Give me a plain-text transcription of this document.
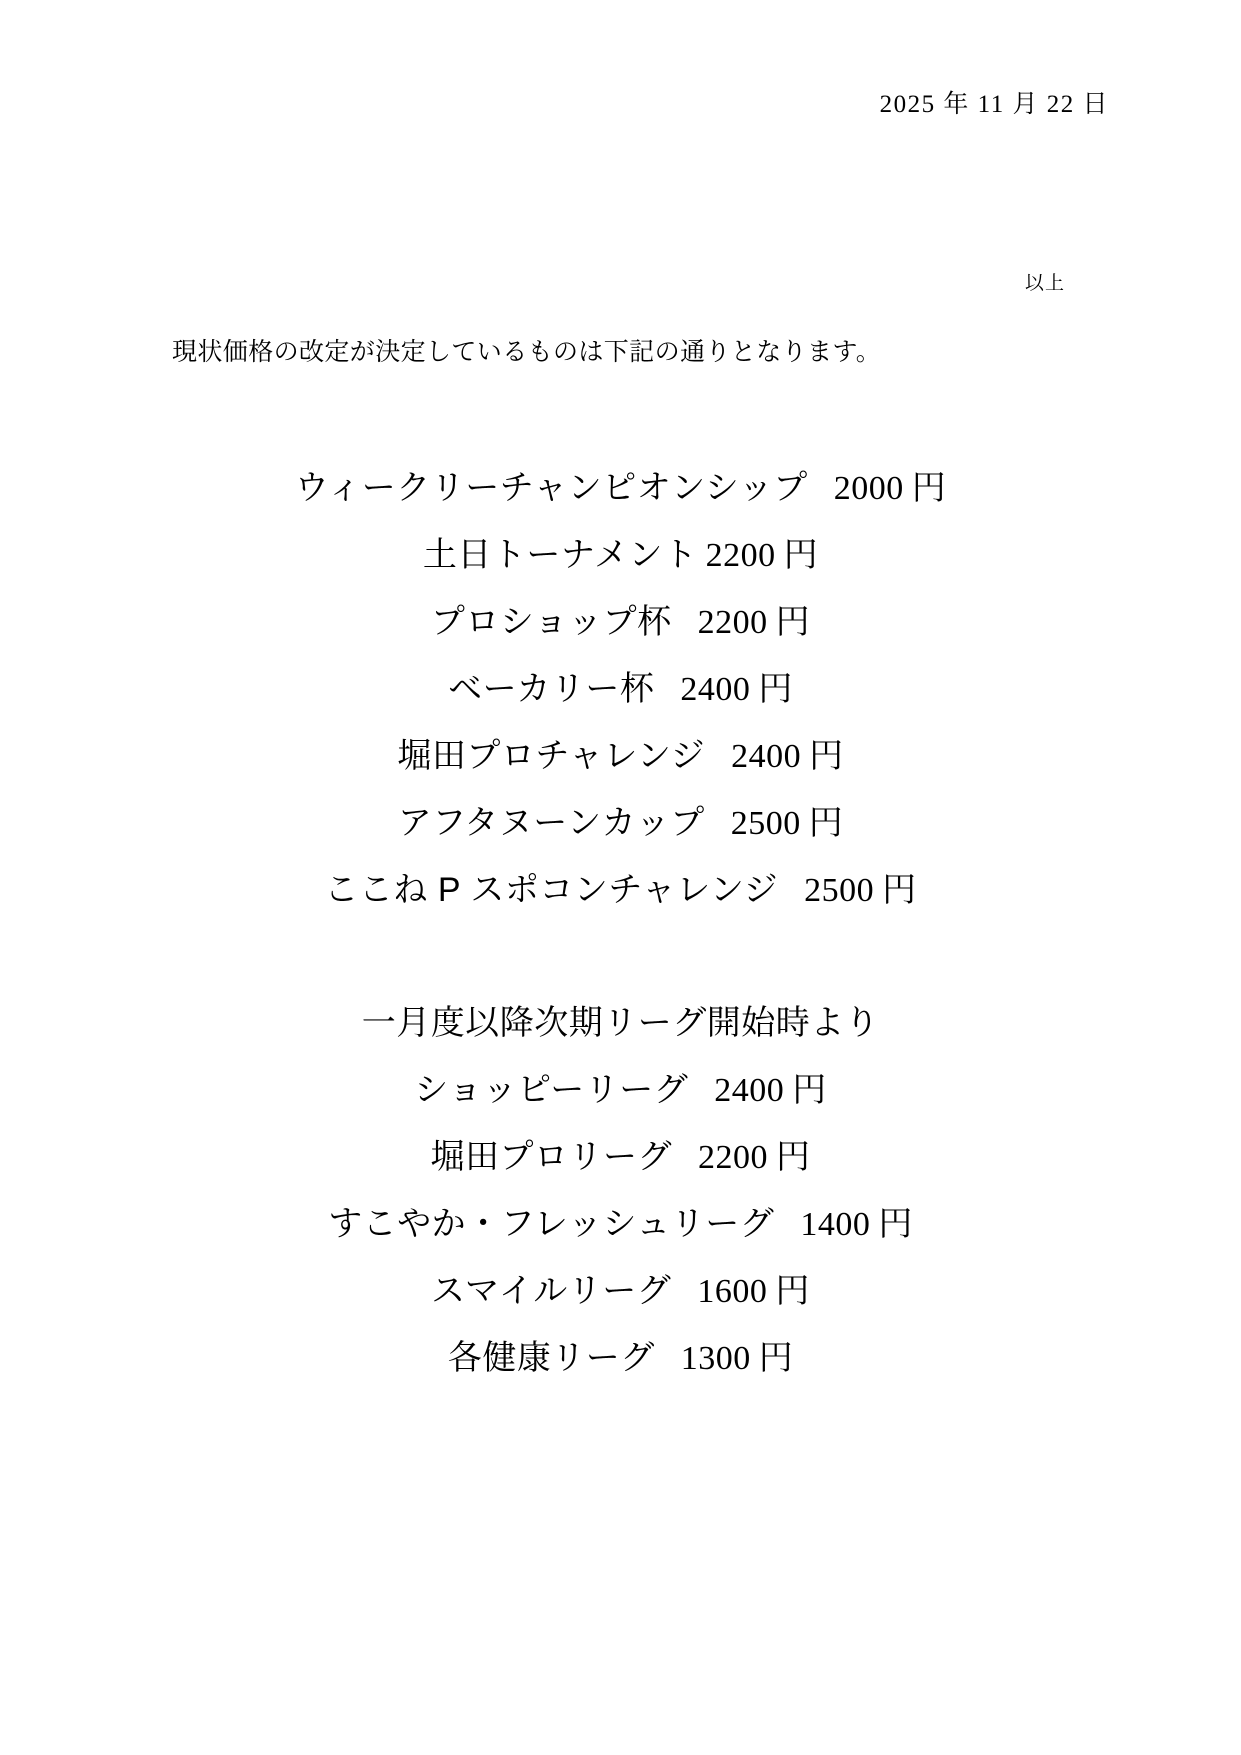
2025 年 11 月 22 日
以上
現状価格の改定が決定しているものは下記の通りとなります。
ウィークリーチャンピオンシップ 2000 円
土日トーナメント 2200 円
プロショップ杯 2200 円
ベーカリー杯 2400 円
堀田プロチャレンジ 2400 円
アフタヌーンカップ 2500 円
ここね P スポコンチャレンジ 2500 円
一月度以降次期リーグ開始時より
ショッピーリーグ 2400 円
堀田プロリーグ 2200 円
すこやか・フレッシュリーグ 1400 円
スマイルリーグ 1600 円
各健康リーグ 1300 円
